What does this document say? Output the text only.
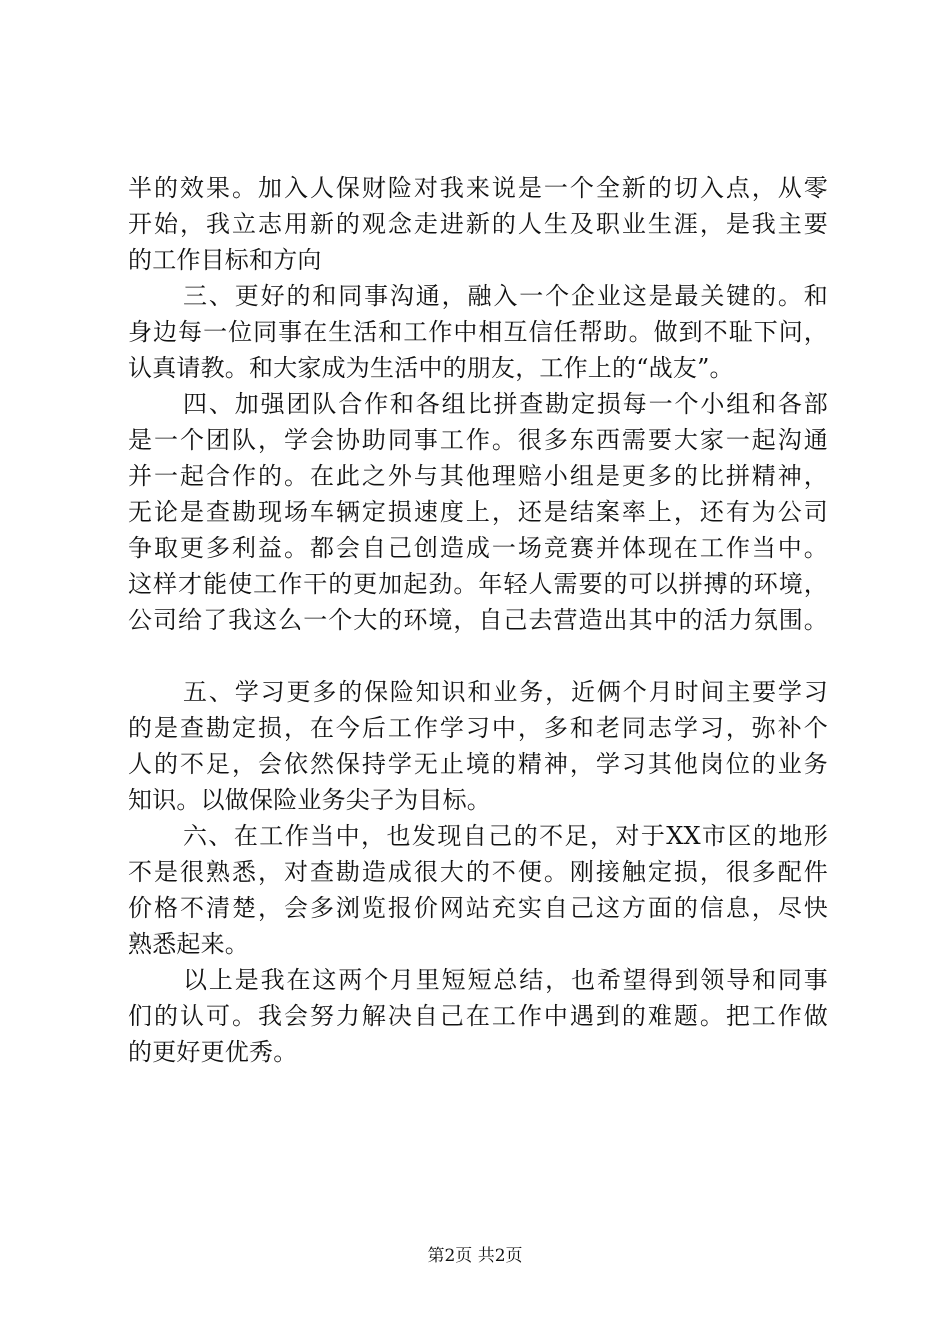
半的效果。加入人保财险对我来说是一个全新的切入点，从零
开始，我立志用新的观念走进新的人生及职业生涯，是我主要
的工作目标和方向
三、更好的和同事沟通，融入一个企业这是最关键的。和
身边每一位同事在生活和工作中相互信任帮助。做到不耻下问，
认真请教。和大家成为生活中的朋友，工作上的“战友”。
四、加强团队合作和各组比拼查勘定损每一个小组和各部
是一个团队，学会协助同事工作。很多东西需要大家一起沟通
并一起合作的。在此之外与其他理赔小组是更多的比拼精神，
无论是查勘现场车辆定损速度上，还是结案率上，还有为公司
争取更多利益。都会自己创造成一场竞赛并体现在工作当中。
这样才能使工作干的更加起劲。年轻人需要的可以拼搏的环境，
公司给了我这么一个大的环境，自己去营造出其中的活力氛围。
五、学习更多的保险知识和业务，近俩个月时间主要学习
的是查勘定损，在今后工作学习中，多和老同志学习，弥补个
人的不足，会依然保持学无止境的精神，学习其他岗位的业务
知识。以做保险业务尖子为目标。
六、在工作当中，也发现自己的不足，对于XX市区的地形
不是很熟悉，对查勘造成很大的不便。刚接触定损，很多配件
价格不清楚，会多浏览报价网站充实自己这方面的信息，尽快
熟悉起来。
以上是我在这两个月里短短总结，也希望得到领导和同事
们的认可。我会努力解决自己在工作中遇到的难题。把工作做
的更好更优秀。
第2页 共2页
